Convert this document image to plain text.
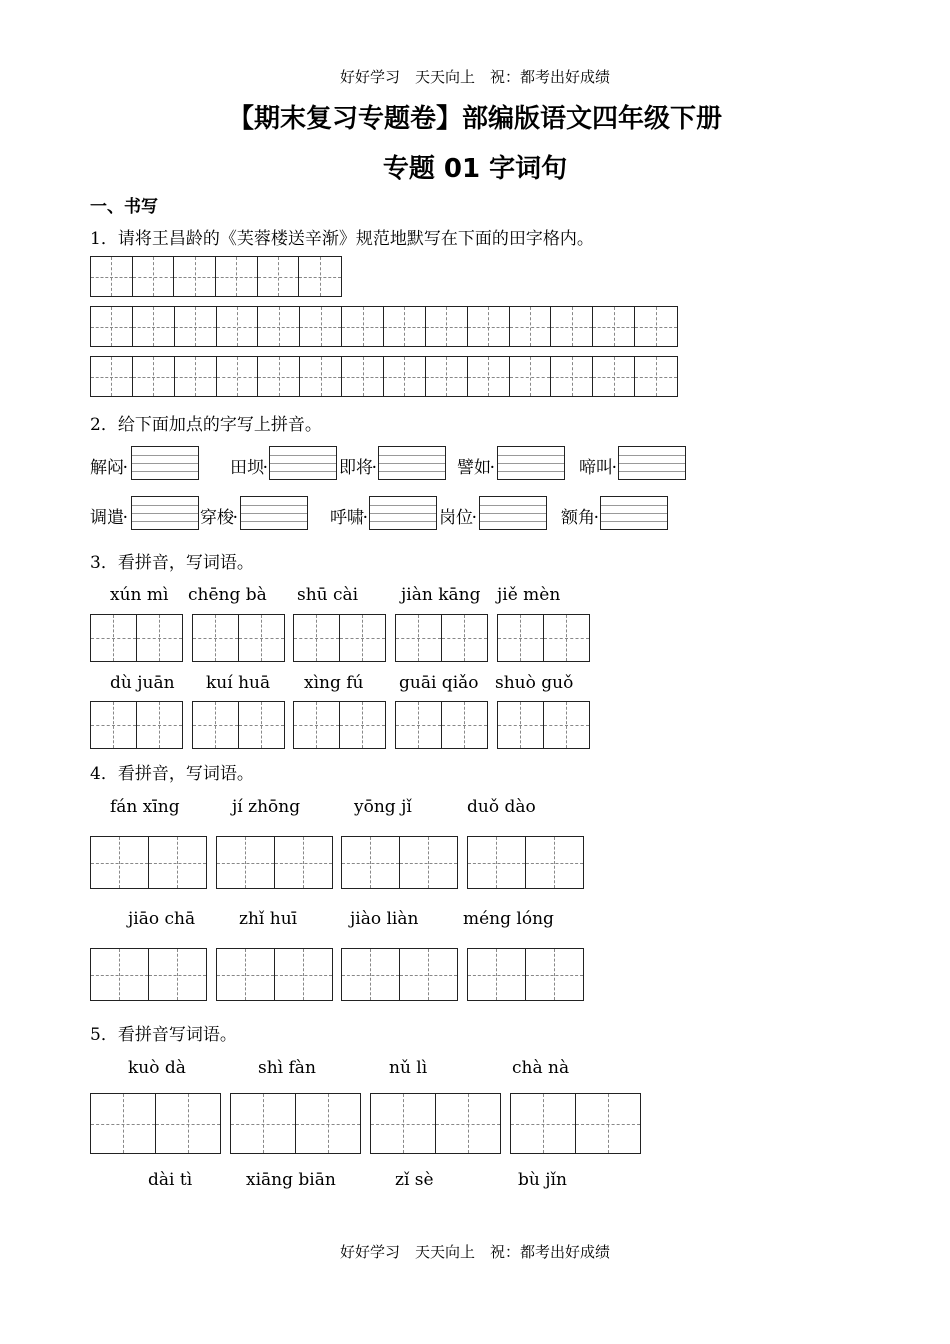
好好学习　天天向上　祝：都考出好成绩
【期末复习专题卷】部编版语文四年级下册
专题 01 字词句
一、书写
1．请将王昌龄的《芙蓉楼送辛渐》规范地默写在下面的田字格内。
2．给下面加点的字写上拼音。
解闷 ·	田坝 ·	即将 ·	譬如 ·	啼叫 ·
调遣 ·	穿梭 ·	呼啸 ·	岗位 ·	额角 ·
3．看拼音，写词语。
xún mì chēng bà shū cài	jiàn kāng jiě mèn
dù juān kuí huā xìng fú guāi qiǎo shuò guǒ
4．看拼音，写词语。
fán xīng	jí zhōng	yōng jǐ	duǒ dào
jiāo chā	zhǐ huī	jiào liàn	méng lóng
5．看拼音写词语。
kuò dà	shì fàn	nǔ lì	chà nà
dài tì	xiāng biān	zǐ sè	bù jǐn
好好学习　天天向上　祝：都考出好成绩
